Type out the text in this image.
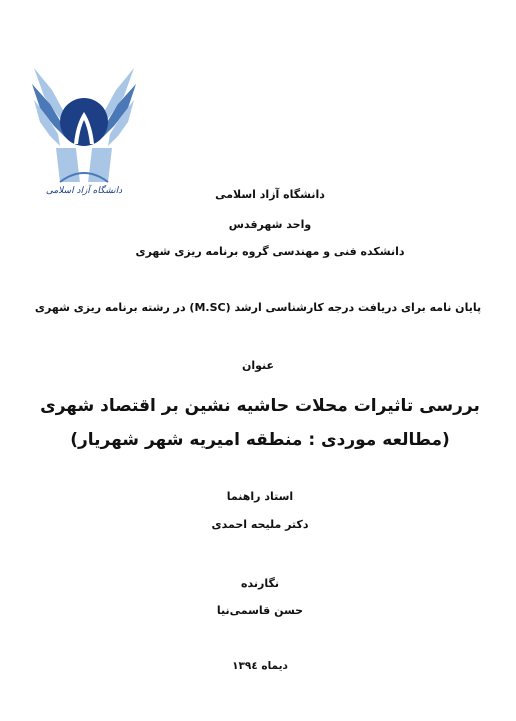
دانشگاه آزاد اسلامی	دانشگاه آزاد اسلامی
واحد شهرقدس
دانشکده فنی و مهندسی گروه برنامه ریزی شهری
پایان نامه برای دریافت درجه کارشناسی ارشد (M.SC) در رشته برنامه ریزی شهری
عنوان
بررسی تاثیرات محلات حاشیه نشین بر اقتصاد شهری
(مطالعه موردی : منطقه امیریه شهر شهریار)
استاد راهنما
دکتر ملیحه احمدی
نگارنده
حسن قاسمی‌نیا
دیماه ۱۳۹٤
